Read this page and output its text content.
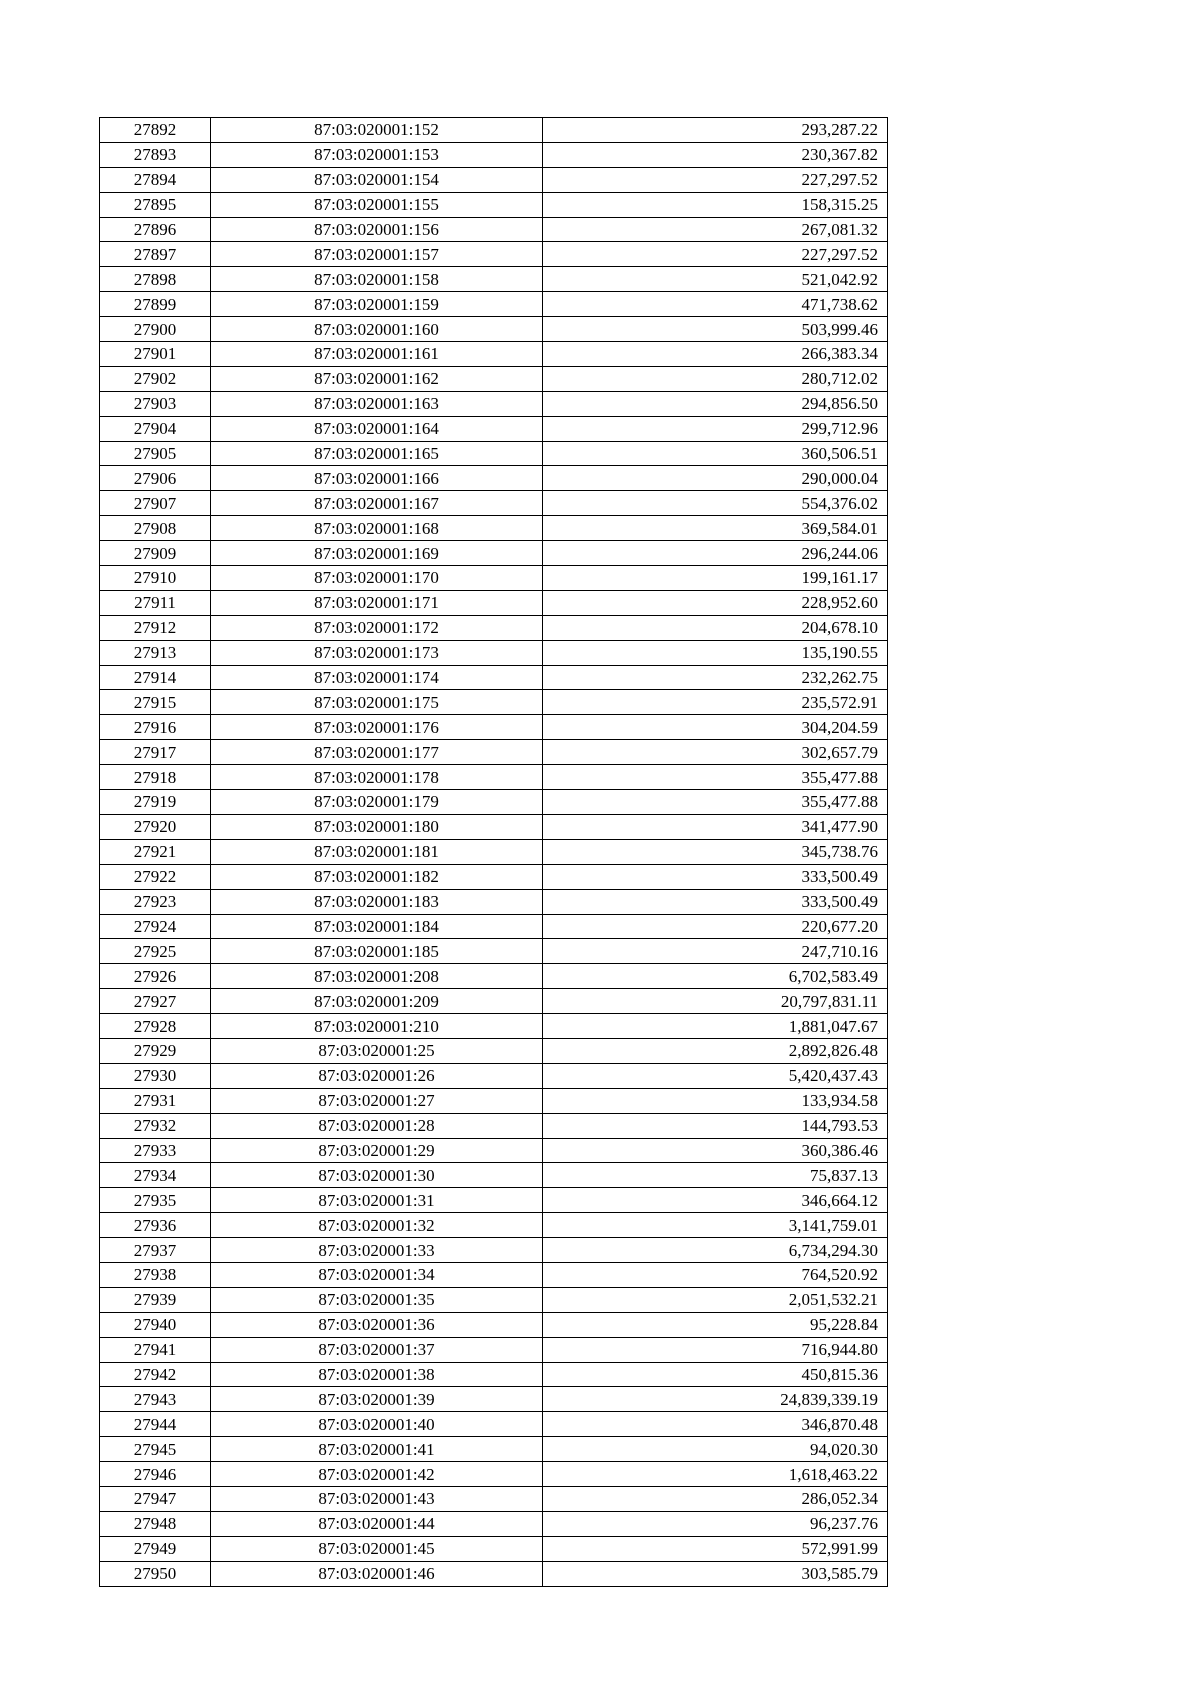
27892	87:03:020001:152	293,287.22
27893	87:03:020001:153	230,367.82
27894	87:03:020001:154	227,297.52
27895	87:03:020001:155	158,315.25
27896	87:03:020001:156	267,081.32
27897	87:03:020001:157	227,297.52
27898	87:03:020001:158	521,042.92
27899	87:03:020001:159	471,738.62
27900	87:03:020001:160	503,999.46
27901	87:03:020001:161	266,383.34
27902	87:03:020001:162	280,712.02
27903	87:03:020001:163	294,856.50
27904	87:03:020001:164	299,712.96
27905	87:03:020001:165	360,506.51
27906	87:03:020001:166	290,000.04
27907	87:03:020001:167	554,376.02
27908	87:03:020001:168	369,584.01
27909	87:03:020001:169	296,244.06
27910	87:03:020001:170	199,161.17
27911	87:03:020001:171	228,952.60
27912	87:03:020001:172	204,678.10
27913	87:03:020001:173	135,190.55
27914	87:03:020001:174	232,262.75
27915	87:03:020001:175	235,572.91
27916	87:03:020001:176	304,204.59
27917	87:03:020001:177	302,657.79
27918	87:03:020001:178	355,477.88
27919	87:03:020001:179	355,477.88
27920	87:03:020001:180	341,477.90
27921	87:03:020001:181	345,738.76
27922	87:03:020001:182	333,500.49
27923	87:03:020001:183	333,500.49
27924	87:03:020001:184	220,677.20
27925	87:03:020001:185	247,710.16
27926	87:03:020001:208	6,702,583.49
27927	87:03:020001:209	20,797,831.11
27928	87:03:020001:210	1,881,047.67
27929	87:03:020001:25	2,892,826.48
27930	87:03:020001:26	5,420,437.43
27931	87:03:020001:27	133,934.58
27932	87:03:020001:28	144,793.53
27933	87:03:020001:29	360,386.46
27934	87:03:020001:30	75,837.13
27935	87:03:020001:31	346,664.12
27936	87:03:020001:32	3,141,759.01
27937	87:03:020001:33	6,734,294.30
27938	87:03:020001:34	764,520.92
27939	87:03:020001:35	2,051,532.21
27940	87:03:020001:36	95,228.84
27941	87:03:020001:37	716,944.80
27942	87:03:020001:38	450,815.36
27943	87:03:020001:39	24,839,339.19
27944	87:03:020001:40	346,870.48
27945	87:03:020001:41	94,020.30
27946	87:03:020001:42	1,618,463.22
27947	87:03:020001:43	286,052.34
27948	87:03:020001:44	96,237.76
27949	87:03:020001:45	572,991.99
27950	87:03:020001:46	303,585.79
